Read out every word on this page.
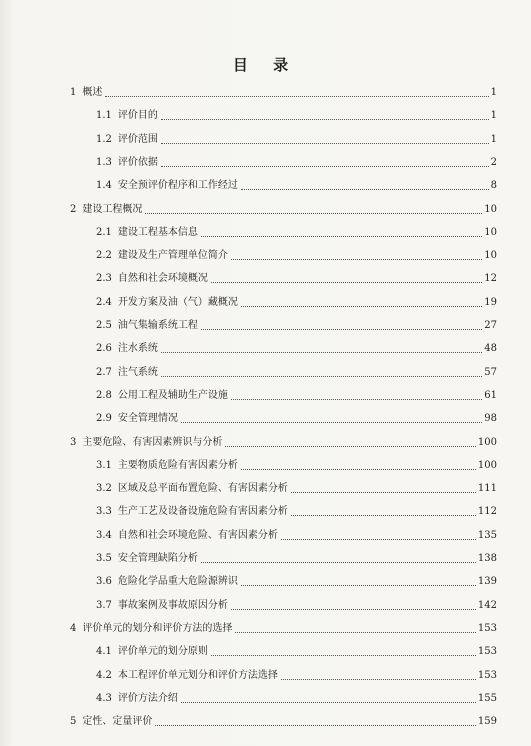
目 录
1 概述	1
1.1 评价目的	1
1.2 评价范围	1
1.3 评价依据	2
1.4 安全预评价程序和工作经过	8
2 建设工程概况	10
2.1 建设工程基本信息	10
2.2 建设及生产管理单位简介	10
2.3 自然和社会环境概况	12
2.4 开发方案及油（气）藏概况	19
2.5 油气集输系统工程	27
2.6 注水系统	48
2.7 注气系统	57
2.8 公用工程及辅助生产设施	61
2.9 安全管理情况	98
3 主要危险、有害因素辨识与分析	100
3.1 主要物质危险有害因素分析	100
3.2 区域及总平面布置危险、有害因素分析	111
3.3 生产工艺及设备设施危险有害因素分析	112
3.4 自然和社会环境危险、有害因素分析	135
3.5 安全管理缺陷分析	138
3.6 危险化学品重大危险源辨识	139
3.7 事故案例及事故原因分析	142
4 评价单元的划分和评价方法的选择	153
4.1 评价单元的划分原则	153
4.2 本工程评价单元划分和评价方法选择	153
4.3 评价方法介绍	155
5 定性、定量评价	159
